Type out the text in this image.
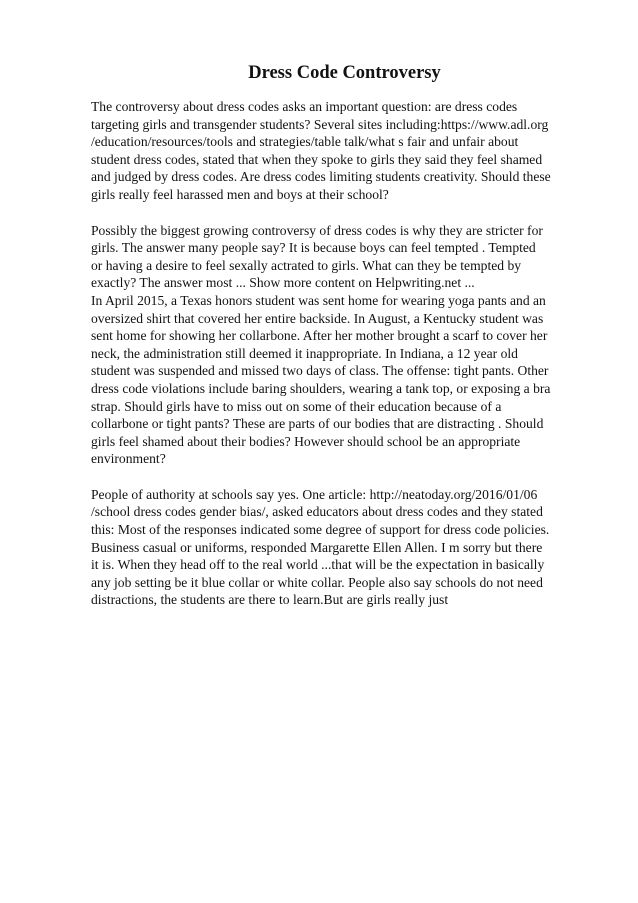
Dress Code Controversy
The controversy about dress codes asks an important question: are dress codes
targeting girls and transgender students? Several sites including:https://www.adl.org
/education/resources/tools and strategies/table talk/what s fair and unfair about
student dress codes, stated that when they spoke to girls they said they feel shamed
and judged by dress codes. Are dress codes limiting students creativity. Should these
girls really feel harassed men and boys at their school?
Possibly the biggest growing controversy of dress codes is why they are stricter for
girls. The answer many people say? It is because boys can feel tempted . Tempted
or having a desire to feel sexally actrated to girls. What can they be tempted by
exactly? The answer most ... Show more content on Helpwriting.net ...
In April 2015, a Texas honors student was sent home for wearing yoga pants and an
oversized shirt that covered her entire backside. In August, a Kentucky student was
sent home for showing her collarbone. After her mother brought a scarf to cover her
neck, the administration still deemed it inappropriate. In Indiana, a 12 year old
student was suspended and missed two days of class. The offense: tight pants. Other
dress code violations include baring shoulders, wearing a tank top, or exposing a bra
strap. Should girls have to miss out on some of their education because of a
collarbone or tight pants? These are parts of our bodies that are distracting . Should
girls feel shamed about their bodies? However should school be an appropriate
environment?
People of authority at schools say yes. One article: http://neatoday.org/2016/01/06
/school dress codes gender bias/, asked educators about dress codes and they stated
this: Most of the responses indicated some degree of support for dress code policies.
Business casual or uniforms, responded Margarette Ellen Allen. I m sorry but there
it is. When they head off to the real world ...that will be the expectation in basically
any job setting be it blue collar or white collar. People also say schools do not need
distractions, the students are there to learn.But are girls really just
